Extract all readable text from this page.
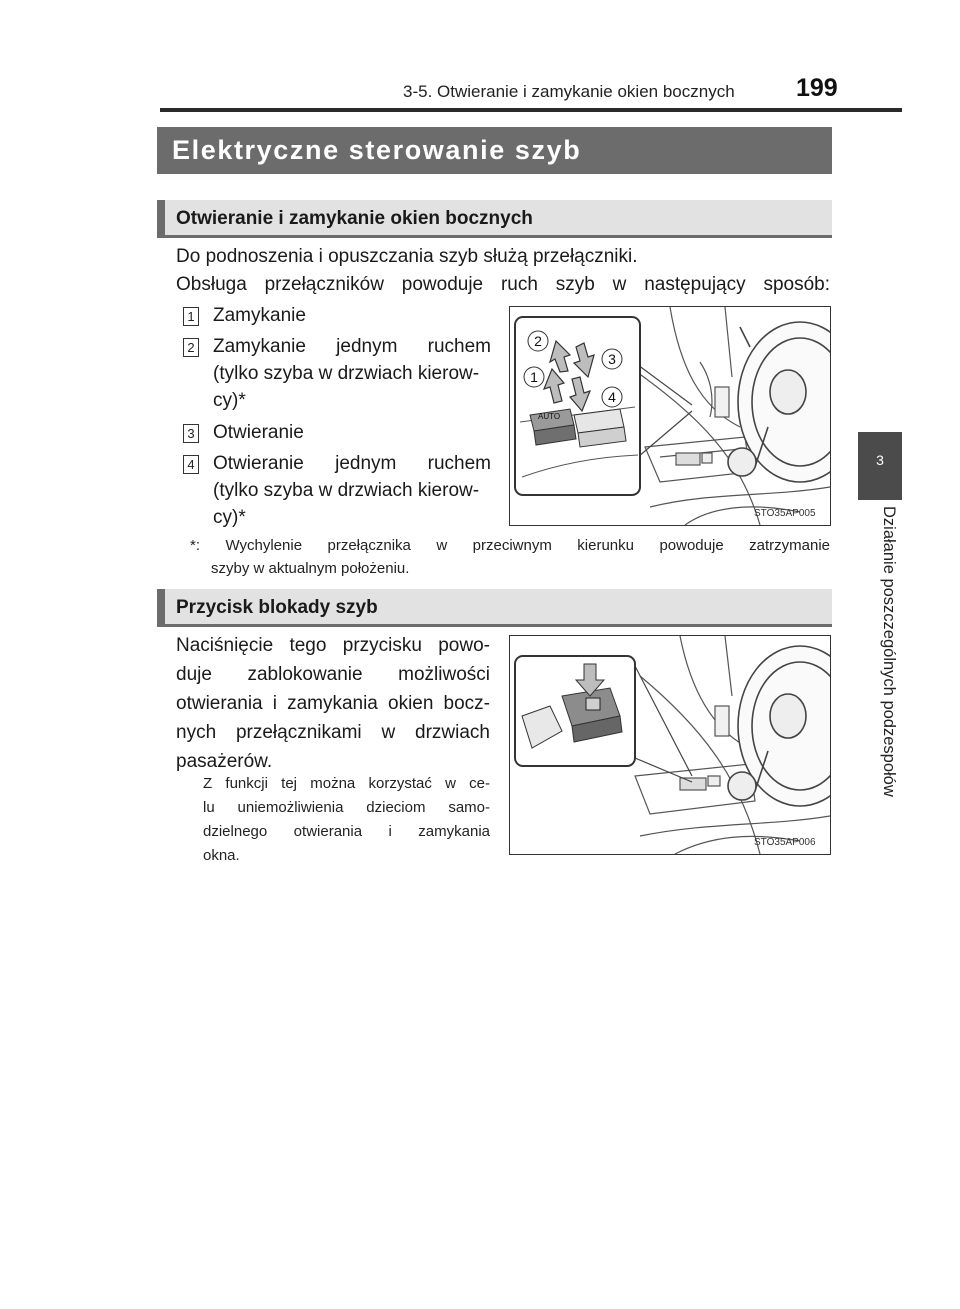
3-5. Otwieranie i zamykanie okien bocznych 199
3
Działanie poszczególnych podzespołów
Elektryczne sterowanie szyb
Otwieranie i zamykanie okien bocznych
Do podnoszenia i opuszczania szyb służą przełączniki.
Obsługa przełączników powoduje ruch szyb w następujący sposób:
1 Zamykanie
2 Zamykanie jednym ruchem
(tylko szyba w drzwiach kierow-
cy)*
3 Otwieranie
4 Otwieranie jednym ruchem
(tylko szyba w drzwiach kierow-
cy)*
AUTO
2
1
3
4
STO35AP005
*: Wychylenie przełącznika w przeciwnym kierunku powoduje zatrzymanie
szyby w aktualnym położeniu.
Przycisk blokady szyb
Naciśnięcie tego przycisku powo-
duje zablokowanie możliwości
otwierania i zamykania okien bocz-
nych przełącznikami w drzwiach
pasażerów.
Z funkcji tej można korzystać w ce-
lu uniemożliwienia dzieciom samo-
dzielnego otwierania i zamykania
okna.
STO35AP006
